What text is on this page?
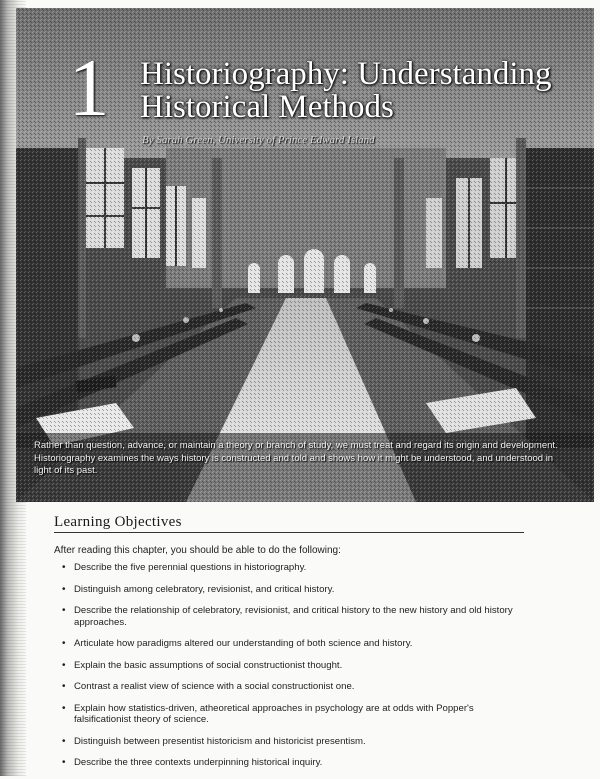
1 Historiography: Understanding Historical Methods

By Sarah Green, University of Prince Edward Island

Rather than question, advance, or maintain a theory or branch of study, we must treat and regard its origin and development. Historiography examines the ways history is constructed and told and shows how it might be understood, and understood in light of its past.

Learning Objectives

After reading this chapter, you should be able to do the following:

• Describe the five perennial questions in historiography.
• Distinguish among celebratory, revisionist, and critical history.
• Describe the relationship of celebratory, revisionist, and critical history to the new history and old history approaches.
• Articulate how paradigms altered our understanding of both science and history.
• Explain the basic assumptions of social constructionist thought.
• Contrast a realist view of science with a social constructionist one.
• Explain how statistics-driven, atheoretical approaches in psychology are at odds with Popper's falsificationist theory of science.
• Distinguish between presentist historicism and historicist presentism.
• Describe the three contexts underpinning historical inquiry.
